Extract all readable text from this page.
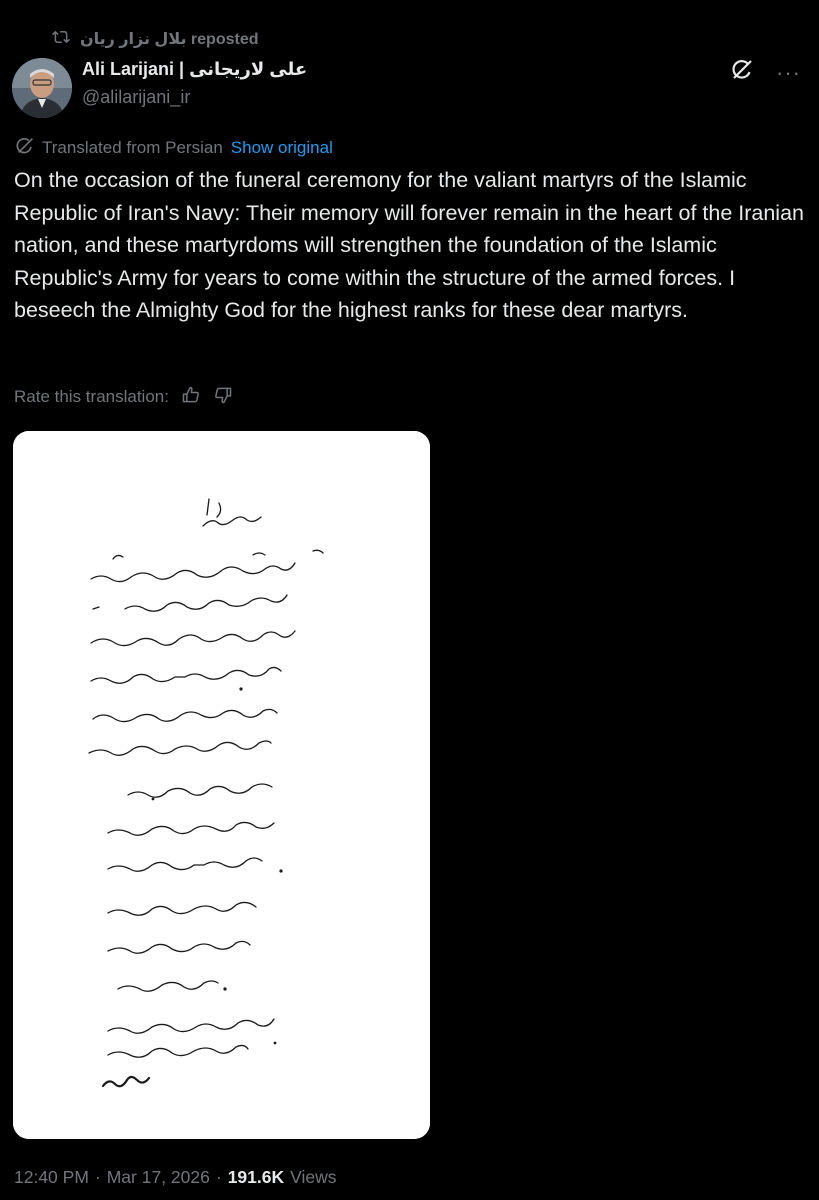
بلال نزار ریان reposted
Ali Larijani | علی لاریجانی
@alilarijani_ir
···
Translated from Persian Show original
On the occasion of the funeral ceremony for the valiant martyrs of the Islamic Republic of Iran's Navy: Their memory will forever remain in the heart of the Iranian nation, and these martyrdoms will strengthen the foundation of the Islamic Republic's Army for years to come within the structure of the armed forces. I beseech the Almighty God for the highest ranks for these dear martyrs.
Rate this translation:
12:40 PM · Mar 17, 2026 · 191.6K Views
